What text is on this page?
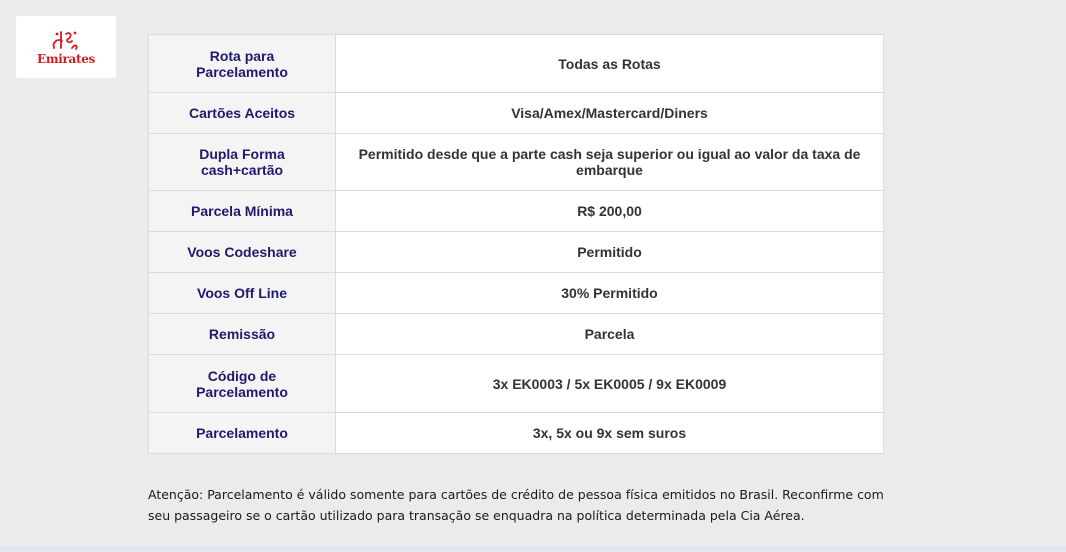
Emirates	Rota para Parcelamento	Todas as Rotas
Cartões Aceitos	Visa/Amex/Mastercard/Diners
Dupla Forma cash+cartão	Permitido desde que a parte cash seja superior ou igual ao valor da taxa de embarque
Parcela Mínima	R$ 200,00
Voos Codeshare	Permitido
Voos Off Line	30% Permitido
Remissão	Parcela
Código de Parcelamento	3x EK0003 / 5x EK0005 / 9x EK0009
Parcelamento	3x, 5x ou 9x sem suros
Atenção: Parcelamento é válido somente para cartões de crédito de pessoa física emitidos no Brasil. Reconfirme com seu passageiro se o cartão utilizado para transação se enquadra na política determinada pela Cia Aérea.
